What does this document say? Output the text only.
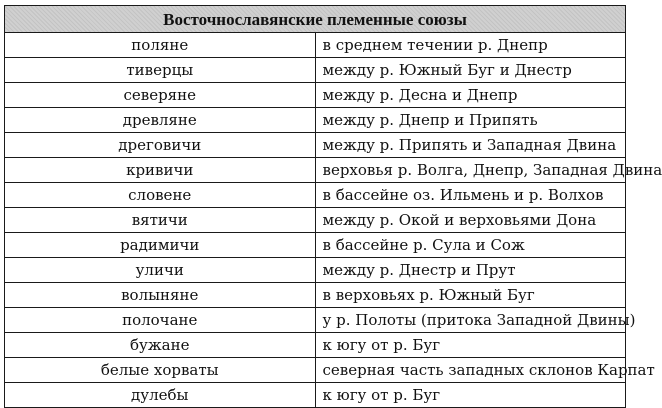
Восточнославянские племенные союзы	
поляне	в среднем течении р. Днепр
тиверцы	между р. Южный Буг и Днестр
северяне	между р. Десна и Днепр
древляне	между р. Днепр и Припять
дреговичи	между р. Припять и Западная Двина
кривичи	верховья р. Волга, Днепр, Западная Двина
словене	в бассейне оз. Ильмень и р. Волхов
вятичи	между р. Окой и верховьями Дона
радимичи	в бассейне р. Сула и Сож
уличи	между р. Днестр и Прут
волыняне	в верховьях р. Южный Буг
полочане	у р. Полоты (притока Западной Двины)
бужане	к югу от р. Буг
белые хорваты	северная часть западных склонов Карпат
дулебы	к югу от р. Буг
